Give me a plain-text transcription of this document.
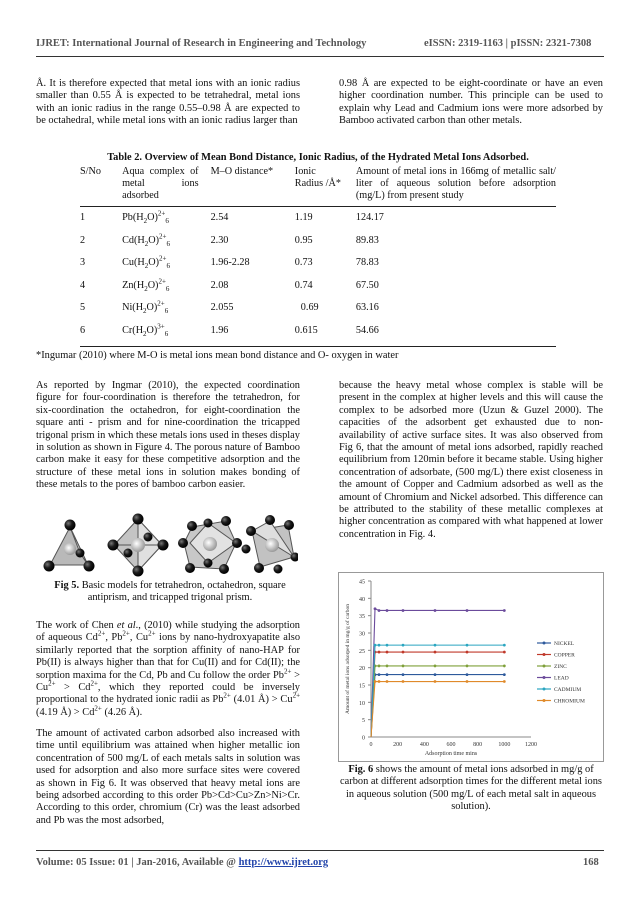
IJRET: International Journal of Research in Engineering and Technology	eISSN: 2319-1163 | pISSN: 2321-7308
Å. It is therefore expected that metal ions with an ionic radius smaller than 0.55 Å is expected to be tetrahedral, metal ions with an ionic radius in the range 0.55–0.98 Å are expected to be octahedral, while metal ions with an ionic radius larger than
0.98 Å are expected to be eight-coordinate or have an even higher coordination number. This principle can be used to explain why Lead and Cadmium ions were more adsorbed by Bamboo activated carbon than other metals.
Table 2. Overview of Mean Bond Distance, Ionic Radius, of the Hydrated Metal Ions Adsorbed.
S/No	Aqua complex of metal ions adsorbed	M–O distance*	Ionic Radius /Å*	Amount of metal ions in 166mg of metallic salt/ liter of aqueous solution before adsorption (mg/L) from present study
1	$Pb(H_2O)^{2+}_6$	2.54	1.19	124.17
2	$Cd(H_2O)^{2+}_6$	2.30	0.95	89.83
3	$Cu(H_2O)^{2+}_6$	1.96-2.28	0.73	78.83
4	$Zn(H_2O)^{2+}_6$	2.08	0.74	67.50
5	$Ni(H_2O)^{2+}_6$	2.055	0.69	63.16
6	$Cr(H_2O)^{3+}_6$	1.96	0.615	54.66
*Ingumar (2010) where M-O is metal ions mean bond distance and O- oxygen in water
As reported by Ingmar (2010), the expected coordination figure for four-coordination is therefore the tetrahedron, for six-coordination the octahedron, for eight-coordination the square anti - prism and for nine-coordination the tricapped trigonal prism in which these metals ions used in theses display in solution as shown in Figure 4. The porous nature of Bamboo carbon make it easy for these competitive adsorption and the structure of these metal ions in solution makes bonding of these metals to the pores of bamboo carbon easier.
Fig 5. Basic models for tetrahedron, octahedron, square antiprism, and tricapped trigonal prism.
The work of Chen et al., (2010) while studying the adsorption of aqueous $Cd^{2+}$, $Pb^{2+}$, $Cu^{2+}$ ions by nano-hydroxyapatite also similarly reported that the sorption affinity of nano-HAP for Pb(II) is always higher than that for Cu(II) and for Cd(II); the sorption maxima for the Cd, Pb and Cu follow the order $Pb^{2+} > Cu^{2+} > Cd^{2+}$, which they reported could be inversely proportional to the hydrated ionic radii as $Pb^{2+}$ (4.01 Å) > $Cu^{2+}$ (4.19 Å) > $Cd^{2+}$ (4.26 Å).
The amount of activated carbon adsorbed also increased with time until equilibrium was attained when higher metallic ion concentration of 500 mg/L of each metals salts in solution was used for adsorption and also more surface sites were covered as shown in Fig 6. It was observed that heavy metal ions are being adsorbed according to this order Pb>Cd>Cu>Zn>Ni>Cr. According to this order, chromium (Cr) was the least adsorbed and Pb was the most adsorbed,
because the heavy metal whose complex is stable will be present in the complex at higher levels and this will cause the complex to be adsorbed more (Uzun & Guzel 2000). The capacities of the adsorbent get exhausted due to non-availability of active surface sites. It was also observed from Fig 6, that the amount of metal ions adsorbed, rapidly reached equilibrium from 120min before it became stable. Using higher concentration of adsorbate, (500 mg/L) there exist closeness in the amount of Copper and Cadmium adsorbed as well as the amount of Chromium and Nickel adsorbed. This difference can be attributed to the stability of these metallic complexes at higher concentration as compared with what happened at lower concentration in Fig. 4.
0
5
10
15
20
25
30
35
40
45
0	200	400	600	800	1000 1200
Adsorption time mins
Amount of metal ions adsorped in mg/g of carbon	NICKEL
COPPER
ZINC
LEAD
CADMIUM
CHROMIUM
Fig. 6 shows the amount of metal ions adsorbed in mg/g of carbon at different adsorption times for the different metal ions in aqueous solution (500 mg/L of each metal salt in aqueous solution).
Volume: 05 Issue: 01 | Jan-2016, Available @ http://www.ijret.org	168
